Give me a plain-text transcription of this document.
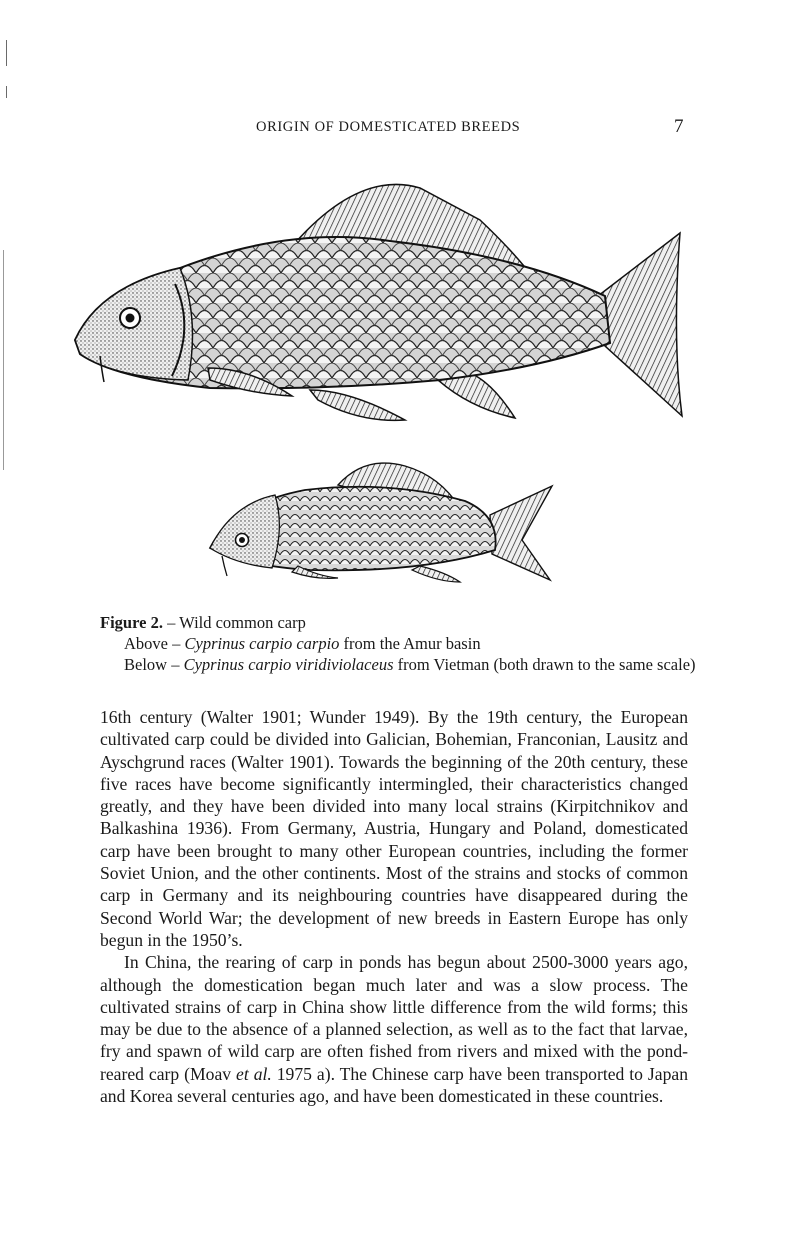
ORIGIN OF DOMESTICATED BREEDS	7
Figure 2. – Wild common carp
Above – Cyprinus carpio carpio from the Amur basin
Below – Cyprinus carpio viridiviolaceus from Vietman (both drawn to the same scale)

16th century (Walter 1901; Wunder 1949). By the 19th century, the European cultivated carp could be divided into Galician, Bohemian, Franconian, Lausitz and Ayschgrund races (Walter 1901). Towards the beginning of the 20th century, these five races have become significantly intermingled, their characteristics changed greatly, and they have been divided into many local strains (Kirpitchnikov and Balkashina 1936). From Germany, Austria, Hungary and Poland, domesticated carp have been brought to many other European countries, including the former Soviet Union, and the other continents. Most of the strains and stocks of common carp in Germany and its neighbouring countries have disappeared during the Second World War; the development of new breeds in Eastern Europe has only begun in the 1950’s.

In China, the rearing of carp in ponds has begun about 2500-3000 years ago, although the domestication began much later and was a slow process. The cultivated strains of carp in China show little difference from the wild forms; this may be due to the absence of a planned selection, as well as to the fact that larvae, fry and spawn of wild carp are often fished from rivers and mixed with the pond-reared carp (Moav et al. 1975 a). The Chinese carp have been transported to Japan and Korea several centuries ago, and have been domesticated in these countries.
